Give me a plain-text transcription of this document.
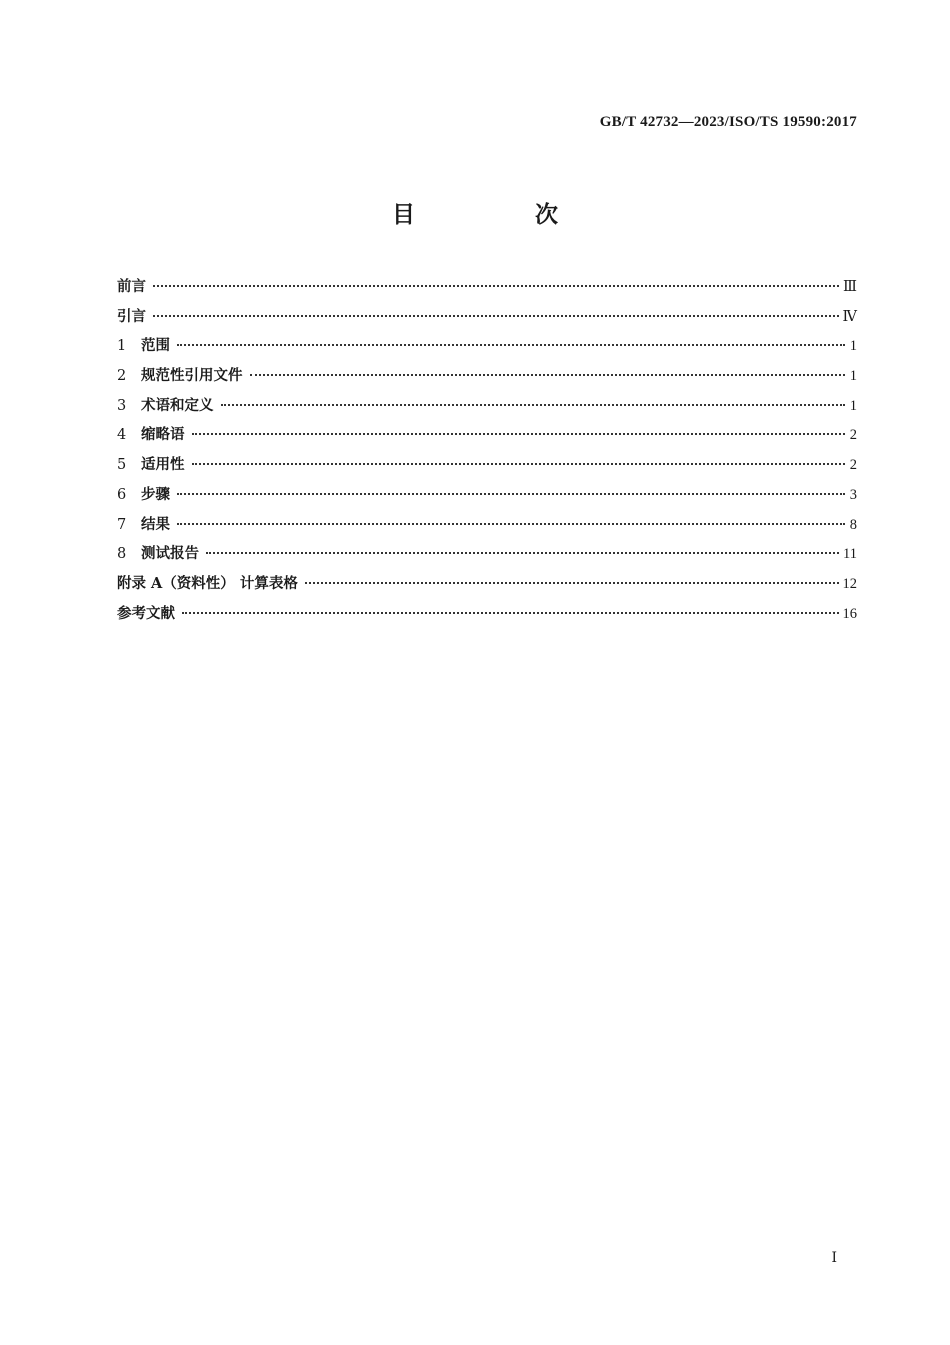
GB/T 42732—2023/ISO/TS 19590:2017
目 次
前言	Ⅲ
引言	Ⅳ
1	范围	1
2	规范性引用文件	1
3	术语和定义	1
4	缩略语	2
5	适用性	2
6	步骤	3
7	结果	8
8	测试报告	11
附录 A（资料性） 计算表格	12
参考文献	16
Ⅰ
